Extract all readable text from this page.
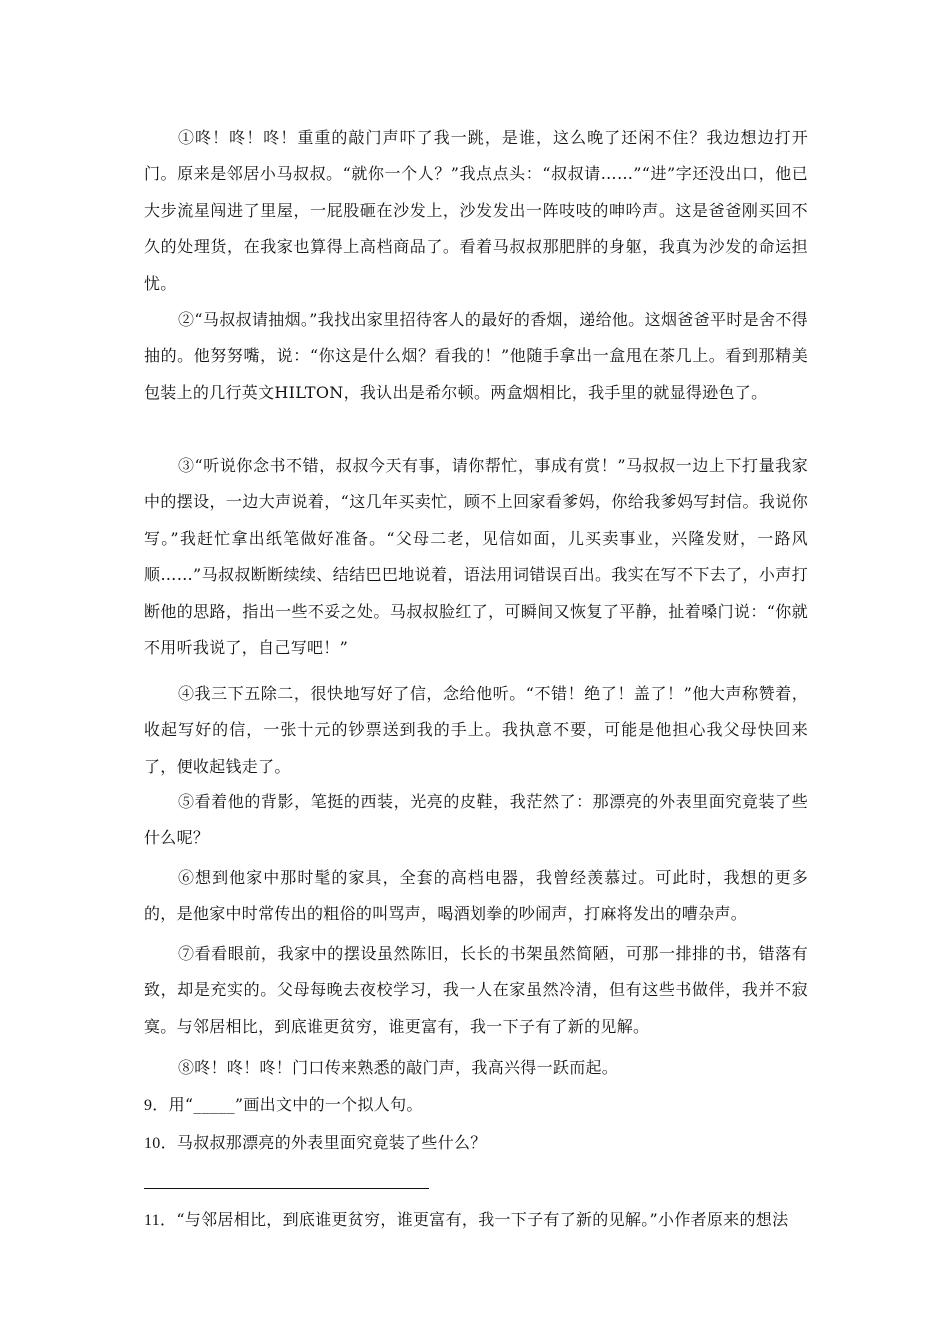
①咚！咚！咚！重重的敲门声吓了我一跳，是谁，这么晚了还闲不住？我边想边打开门。原来是邻居小马叔叔。“就你一个人？”我点点头：“叔叔请……”“进”字还没出口，他已大步流星闯进了里屋，一屁股砸在沙发上，沙发发出一阵吱吱的呻吟声。这是爸爸刚买回不久的处理货，在我家也算得上高档商品了。看着马叔叔那肥胖的身躯，我真为沙发的命运担忧。

②“马叔叔请抽烟。”我找出家里招待客人的最好的香烟，递给他。这烟爸爸平时是舍不得抽的。他努努嘴，说：“你这是什么烟？看我的！”他随手拿出一盒甩在茶几上。看到那精美包装上的几行英文HILTON，我认出是希尔顿。两盒烟相比，我手里的就显得逊色了。

③“听说你念书不错，叔叔今天有事，请你帮忙，事成有赏！”马叔叔一边上下打量我家中的摆设，一边大声说着，“这几年买卖忙，顾不上回家看爹妈，你给我爹妈写封信。我说你写。”我赶忙拿出纸笔做好准备。“父母二老，见信如面，儿买卖事业，兴隆发财，一路风顺……”马叔叔断断续续、结结巴巴地说着，语法用词错误百出。我实在写不下去了，小声打断他的思路，指出一些不妥之处。马叔叔脸红了，可瞬间又恢复了平静，扯着嗓门说：“你就不用听我说了，自己写吧！”

④我三下五除二，很快地写好了信，念给他听。“不错！绝了！盖了！”他大声称赞着，收起写好的信，一张十元的钞票送到我的手上。我执意不要，可能是他担心我父母快回来了，便收起钱走了。

⑤看着他的背影，笔挺的西装，光亮的皮鞋，我茫然了：那漂亮的外表里面究竟装了些什么呢？

⑥想到他家中那时髦的家具，全套的高档电器，我曾经羡慕过。可此时，我想的更多的，是他家中时常传出的粗俗的叫骂声，喝酒划拳的吵闹声，打麻将发出的嘈杂声。

⑦看看眼前，我家中的摆设虽然陈旧，长长的书架虽然简陋，可那一排排的书，错落有致，却是充实的。父母每晚去夜校学习，我一人在家虽然冷清，但有这些书做伴，我并不寂寞。与邻居相比，到底谁更贫穷，谁更富有，我一下子有了新的见解。

⑧咚！咚！咚！门口传来熟悉的敲门声，我高兴得一跃而起。

9．用“_____”画出文中的一个拟人句。

10．马叔叔那漂亮的外表里面究竟装了些什么？

11．“与邻居相比，到底谁更贫穷，谁更富有，我一下子有了新的见解。”小作者原来的想法
